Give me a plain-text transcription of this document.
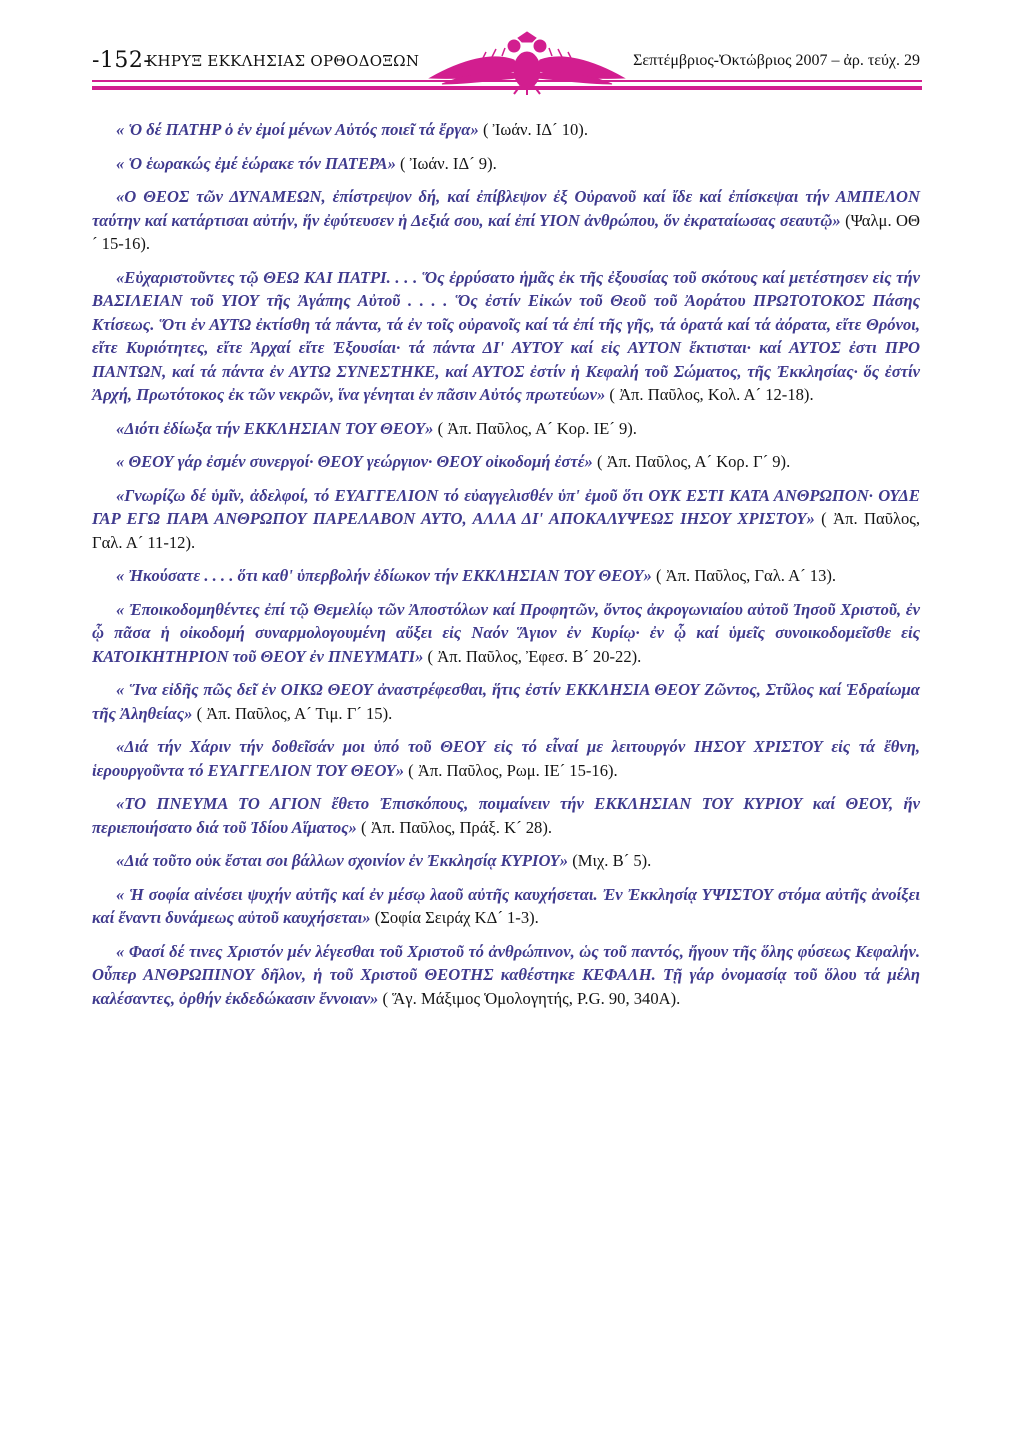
-152-
ΚΗΡΥΞ ΕΚΚΛΗΣΙΑΣ ΟΡΘΟΔΟΞΩΝ	Σεπτέμβριος-Ὀκτώβριος 2007 – ἀρ. τεύχ. 29

« Ὁ δέ ΠΑΤΗΡ ὁ ἐν ἐμοί μένων Αὐτός ποιεῖ τά ἔργα» ( Ἰωάν. ΙΔ´ 10).

« Ὁ ἑωρακώς ἐμέ ἑώρακε τόν ΠΑΤΕΡΑ» ( Ἰωάν. ΙΔ´ 9).

«Ο ΘΕΟΣ τῶν ΔΥΝΑΜΕΩΝ, ἐπίστρεψον δή, καί ἐπίβλεψον ἐξ Οὐρανοῦ καί ἴδε καί ἐπίσκεψαι τήν ΑΜΠΕΛΟΝ ταύτην καί κατάρτισαι αὐτήν, ἥν ἐφύτευσεν ἡ Δεξιά σου, καί ἐπί ΥΙΟΝ ἀνθρώπου, ὅν ἐκραταίωσας σεαυτῷ» (Ψαλμ. ΟΘ´ 15-16).

«Εὐχαριστοῦντες τῷ ΘΕΩ ΚΑΙ ΠΑΤΡΙ. . . . Ὅς ἐρρύσατο ἡμᾶς ἐκ τῆς ἐξουσίας τοῦ σκότους καί μετέστησεν εἰς τήν ΒΑΣΙΛΕΙΑΝ τοῦ ΥΙΟΥ τῆς Ἀγάπης Αὐτοῦ . . . . Ὅς ἐστίν Εἰκών τοῦ Θεοῦ τοῦ Ἀοράτου ΠΡΩΤΟΤΟΚΟΣ Πάσης Κτίσεως. Ὅτι ἐν ΑΥΤΩ ἐκτίσθη τά πάντα, τά ἐν τοῖς οὐρανοῖς καί τά ἐπί τῆς γῆς, τά ὁρατά καί τά ἀόρατα, εἴτε Θρόνοι, εἴτε Κυριότητες, εἴτε Ἀρχαί εἴτε Ἐξουσίαι· τά πάντα ΔΙ' ΑΥΤΟΥ καί εἰς ΑΥΤΟΝ ἔκτισται· καί ΑΥΤΟΣ ἐστι ΠΡΟ ΠΑΝΤΩΝ, καί τά πάντα ἐν ΑΥΤΩ ΣΥΝΕΣΤΗΚΕ, καί ΑΥΤΟΣ ἐστίν ἡ Κεφαλή τοῦ Σώματος, τῆς Ἐκκλησίας· ὅς ἐστίν Ἀρχή, Πρωτότοκος ἐκ τῶν νεκρῶν, ἵνα γένηται ἐν πᾶσιν Αὐτός πρωτεύων» ( Ἀπ. Παῦλος, Κολ. Α´ 12-18).

«Διότι ἐδίωξα τήν ΕΚΚΛΗΣΙΑΝ ΤΟΥ ΘΕΟΥ» ( Ἀπ. Παῦλος, Α´ Κορ. ΙΕ´ 9).

« ΘΕΟΥ γάρ ἐσμέν συνεργοί· ΘΕΟΥ γεώργιον· ΘΕΟΥ οἰκοδομή ἐστέ» ( Ἀπ. Παῦλος, Α´ Κορ. Γ´ 9).

«Γνωρίζω δέ ὑμῖν, ἀδελφοί, τό ΕΥΑΓΓΕΛΙΟΝ τό εὐαγγελισθέν ὑπ' ἐμοῦ ὅτι ΟΥΚ ΕΣΤΙ ΚΑΤΑ ΑΝΘΡΩΠΟΝ· ΟΥΔΕ ΓΑΡ ΕΓΩ ΠΑΡΑ ΑΝΘΡΩΠΟΥ ΠΑΡΕΛΑΒΟΝ ΑΥΤΟ, ΑΛΛΑ ΔΙ' ΑΠΟΚΑΛΥΨΕΩΣ ΙΗΣΟΥ ΧΡΙΣΤΟΥ» ( Ἀπ. Παῦλος, Γαλ. Α´ 11-12).

« Ἠκούσατε . . . . ὅτι καθ' ὑπερβολήν ἐδίωκον τήν ΕΚΚΛΗΣΙΑΝ ΤΟΥ ΘΕΟΥ» ( Ἀπ. Παῦλος, Γαλ. Α´ 13).

« Ἐποικοδομηθέντες ἐπί τῷ Θεμελίῳ τῶν Ἀποστόλων καί Προφητῶν, ὄντος ἀκρογωνιαίου αὐτοῦ Ἰησοῦ Χριστοῦ, ἐν ᾧ πᾶσα ἡ οἰκοδομή συναρμολογουμένη αὔξει εἰς Ναόν Ἅγιον ἐν Κυρίῳ· ἐν ᾧ καί ὑμεῖς συνοικοδομεῖσθε εἰς ΚΑΤΟΙΚΗΤΗΡΙΟΝ τοῦ ΘΕΟΥ ἐν ΠΝΕΥΜΑΤΙ» ( Ἀπ. Παῦλος, Ἐφεσ. Β´ 20-22).

« Ἵνα εἰδῆς πῶς δεῖ ἐν ΟΙΚΩ ΘΕΟΥ ἀναστρέφεσθαι, ἥτις ἐστίν ΕΚΚΛΗΣΙΑ ΘΕΟΥ Ζῶντος, Στῦλος καί Ἑδραίωμα τῆς Ἀληθείας» ( Ἀπ. Παῦλος, Α´ Τιμ. Γ´ 15).

«Διά τήν Χάριν τήν δοθεῖσάν μοι ὑπό τοῦ ΘΕΟΥ εἰς τό εἶναί με λειτουργόν ΙΗΣΟΥ ΧΡΙΣΤΟΥ εἰς τά ἔθνη, ἱερουργοῦντα τό ΕΥΑΓΓΕΛΙΟΝ ΤΟΥ ΘΕΟΥ» ( Ἀπ. Παῦλος, Ρωμ. ΙΕ´ 15-16).

«ΤΟ ΠΝΕΥΜΑ ΤΟ ΑΓΙΟΝ ἔθετο Ἐπισκόπους, ποιμαίνειν τήν ΕΚΚΛΗΣΙΑΝ ΤΟΥ ΚΥΡΙΟΥ καί ΘΕΟΥ, ἥν περιεποιήσατο διά τοῦ Ἰδίου Αἵματος» ( Ἀπ. Παῦλος, Πράξ. Κ´ 28).

«Διά τοῦτο οὐκ ἔσται σοι βάλλων σχοινίον ἐν Ἐκκλησίᾳ ΚΥΡΙΟΥ» (Μιχ. Β´ 5).

« Ἡ σοφία αἰνέσει ψυχήν αὐτῆς καί ἐν μέσῳ λαοῦ αὐτῆς καυχήσεται. Ἐν Ἐκκλησίᾳ ΥΨΙΣΤΟΥ στόμα αὐτῆς ἀνοίξει καί ἔναντι δυνάμεως αὐτοῦ καυχήσεται» (Σοφία Σειράχ ΚΔ´ 1-3).

« Φασί δέ τινες Χριστόν μέν λέγεσθαι τοῦ Χριστοῦ τό ἀνθρώπινον, ὡς τοῦ παντός, ἤγουν τῆς ὅλης φύσεως Κεφαλήν. Οὗπερ ΑΝΘΡΩΠΙΝΟΥ δῆλον, ἡ τοῦ Χριστοῦ ΘΕΟΤΗΣ καθέστηκε ΚΕΦΑΛΗ. Τῇ γάρ ὀνομασίᾳ τοῦ ὅλου τά μέλη καλέσαντες, ὀρθήν ἐκδεδώκασιν ἔννοιαν» ( Ἅγ. Μάξιμος Ὁμολογητής, P.G. 90, 340A).
